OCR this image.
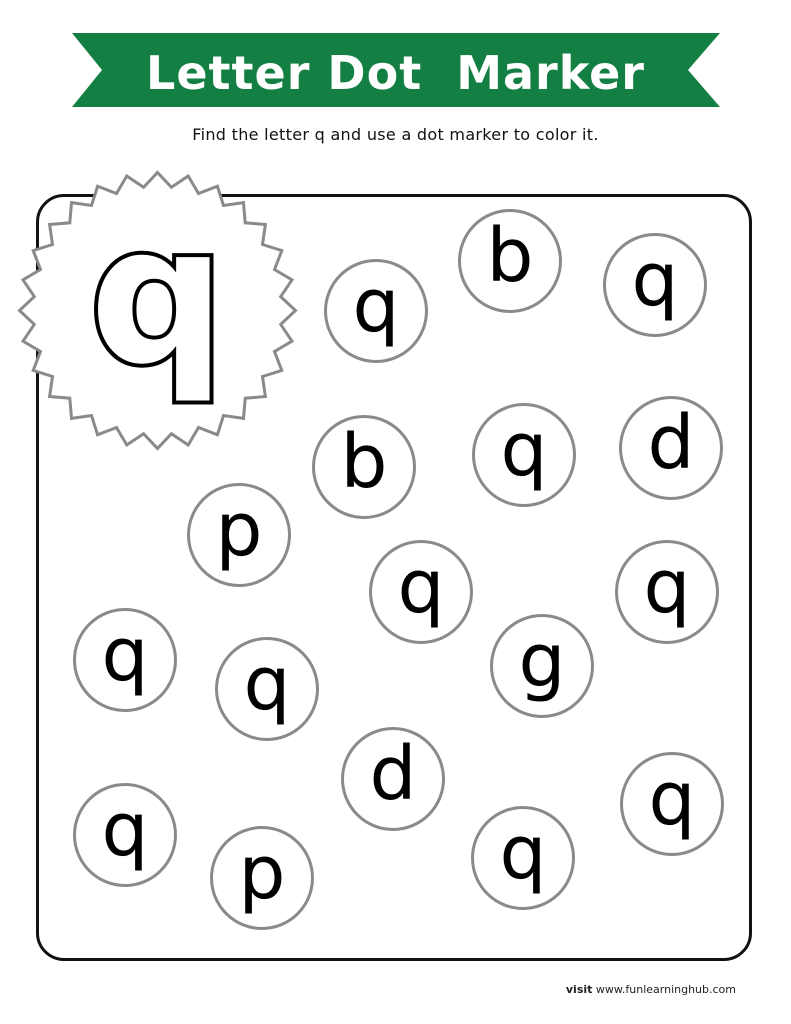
Letter Dot  Marker
Find the letter q and use a dot marker to color it.
q	q
b	q
b	q	d
p
q	q
q	q	g
d	q
q	p	q
visit www.funlearninghub.com
